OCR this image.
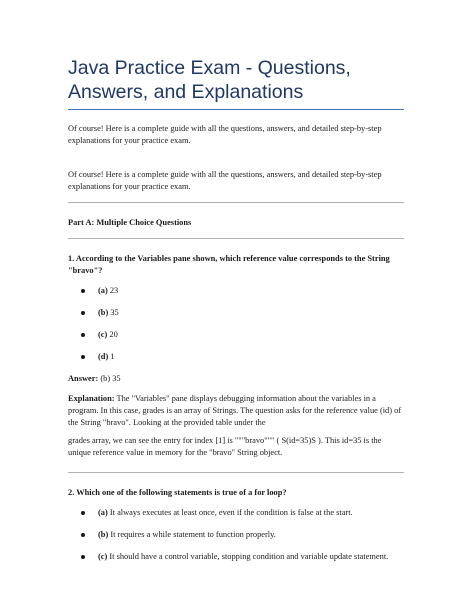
Java Practice Exam - Questions,
Answers, and Explanations

Of course! Here is a complete guide with all the questions, answers, and detailed step-by-step explanations for your practice exam.

Of course! Here is a complete guide with all the questions, answers, and detailed step-by-step explanations for your practice exam.

Part A: Multiple Choice Questions
1. According to the Variables pane shown, which reference value corresponds to the String "bravo"?
(a) 23
(b) 35
(c) 20
(d) 1

Answer: (b) 35

Explanation: The "Variables" pane displays debugging information about the variables in a program. In this case, grades is an array of Strings. The question asks for the reference value (id) of the String "bravo". Looking at the provided table under the

grades array, we can see the entry for index [1] is """bravo""" ( S(id=35)S ). This id=35 is the unique reference value in memory for the "bravo" String object.

2. Which one of the following statements is true of a for loop?
(a) It always executes at least once, even if the condition is false at the start.
(b) It requires a while statement to function properly.
(c) It should have a control variable, stopping condition and variable update statement.
